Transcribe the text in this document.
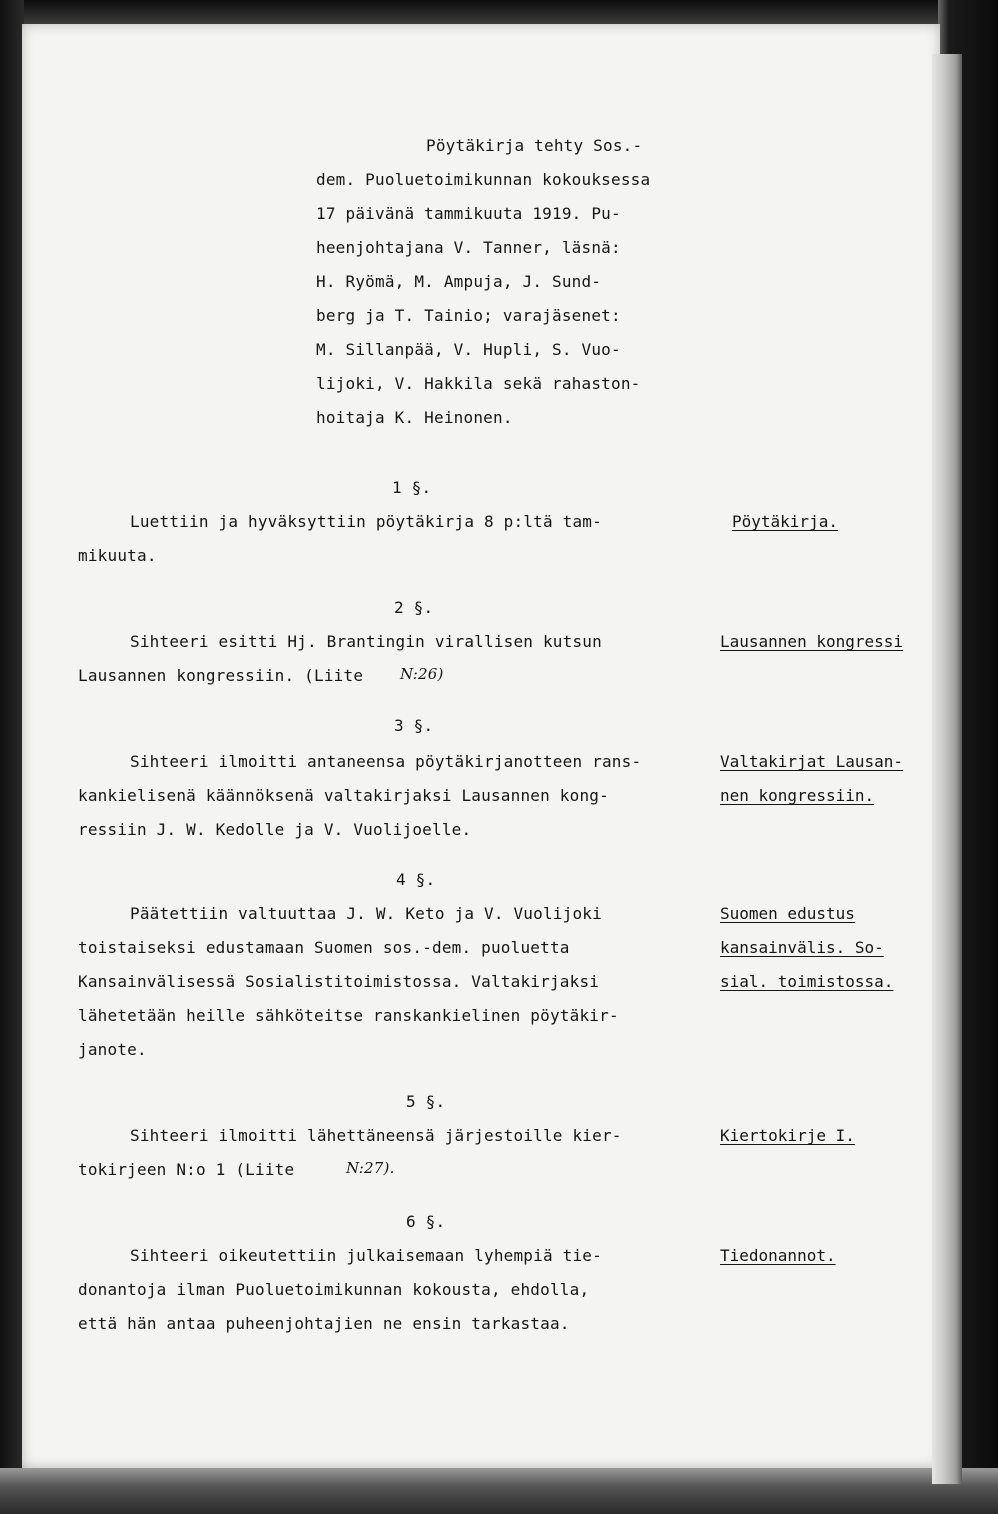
Pöytäkirja tehty Sos.-
dem. Puoluetoimikunnan kokouksessa
17 päivänä tammikuuta 1919. Pu-
heenjohtajana V. Tanner, läsnä:
H. Ryömä, M. Ampuja, J. Sund-
berg ja T. Tainio; varajäsenet:
M. Sillanpää, V. Hupli, S. Vuo-
lijoki, V. Hakkila sekä rahaston-
hoitaja K. Heinonen.
1 §.
Luettiin ja hyväksyttiin pöytäkirja 8 p:ltä tam-
mikuuta.
Pöytäkirja.
2 §.
Sihteeri esitti Hj. Brantingin virallisen kutsun
Lausannen kongressiin. (Liite N:26)
Lausannen kongressi
3 §.
Sihteeri ilmoitti antaneensa pöytäkirjanotteen rans-
kankielisenä käännöksenä valtakirjaksi Lausannen kong-
ressiin J. W. Kedolle ja V. Vuolijoelle.
Valtakirjat Lausan-
nen kongressiin.
4 §.
Päätettiin valtuuttaa J. W. Keto ja V. Vuolijoki
toistaiseksi edustamaan Suomen sos.-dem. puoluetta
Kansainvälisessä Sosialistitoimistossa. Valtakirjaksi
lähetetään heille sähköteitse ranskankielinen pöytäkir-
janote.
Suomen edustus
kansainvälis. So-
sial. toimistossa.
5 §.
Sihteeri ilmoitti lähettäneensä järjestoille kier-
tokirjeen N:o 1 (Liite	N:27).
Kiertokirje I.
6 §.
Sihteeri oikeutettiin julkaisemaan lyhempiä tie-
donantoja ilman Puoluetoimikunnan kokousta, ehdolla,
että hän antaa puheenjohtajien ne ensin tarkastaa.
Tiedonannot.
